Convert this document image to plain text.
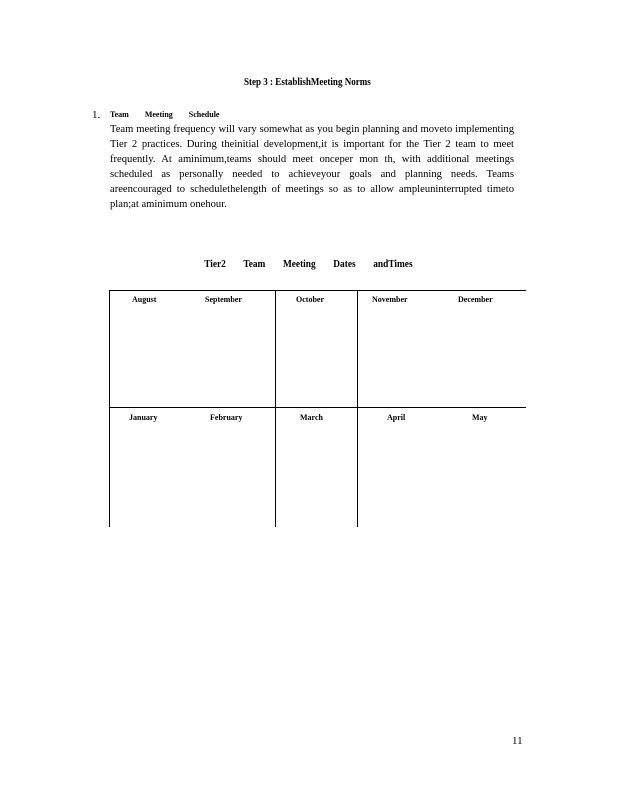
Step 3 : EstablishMeeting Norms
1. Team Meeting Schedule
Team meeting frequency will vary somewhat as you begin planning and moveto implementing Tier 2 practices. During theinitial development,it is important for the Tier 2 team to meet frequently. At aminimum,teams should meet onceper mon th, with additional meetings scheduled as personally needed to achieveyour goals and planning needs. Teams areencouraged to schedulethelength of meetings so as to allow ampleuninterrupted timeto plan;at aminimum onehour.
Tier2 Team Meeting Dates andTimes
August	September	October	November	December
January	February	March	April	May
11
